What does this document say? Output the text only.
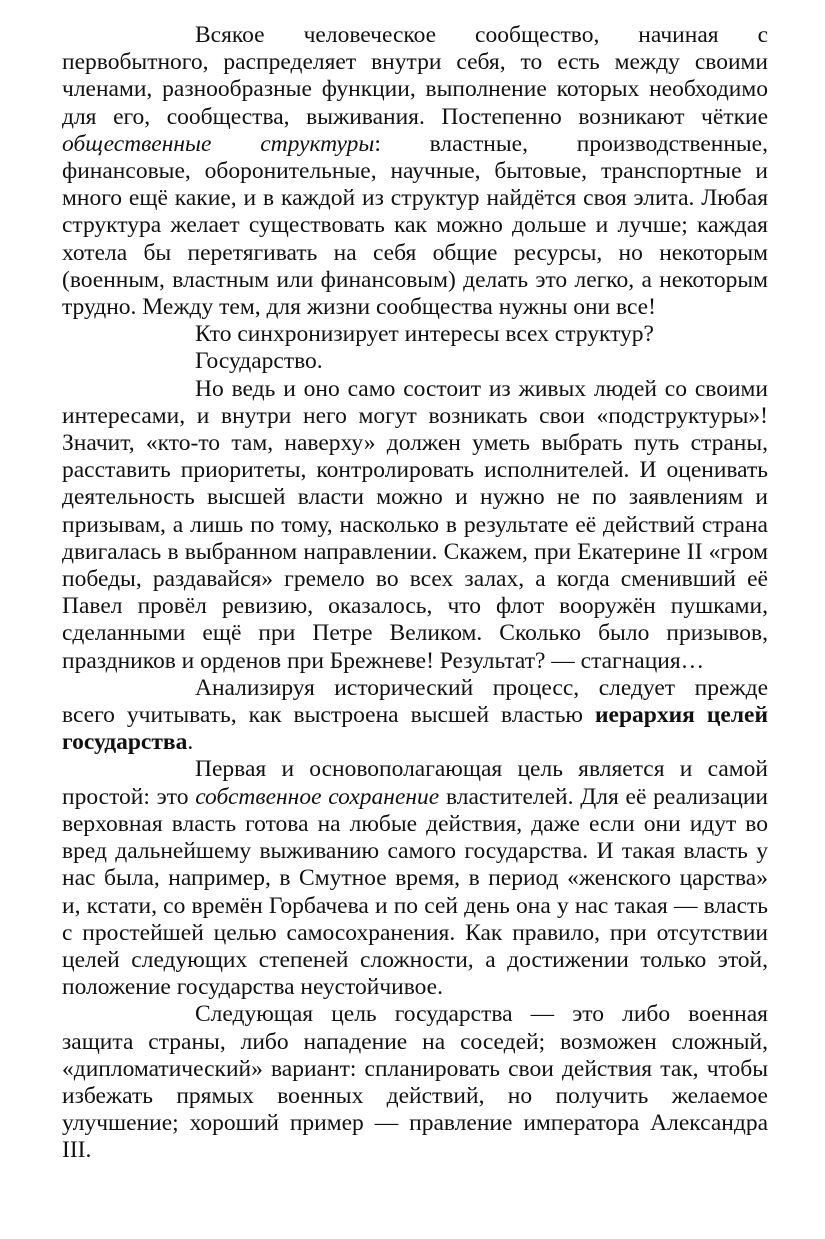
Всякое человеческое сообщество, начиная с первобытного, распределяет внутри себя, то есть между своими членами, разнообразные функции, выполнение которых необходимо для его, сообщества, выживания. Постепенно возникают чёткие общественные структуры: властные, производственные, финансовые, оборонительные, научные, бытовые, транспортные и много ещё какие, и в каждой из структур найдётся своя элита. Любая структура желает существовать как можно дольше и лучше; каждая хотела бы перетягивать на себя общие ресурсы, но некоторым (военным, властным или финансовым) делать это легко, а некоторым трудно. Между тем, для жизни сообщества нужны они все!

Кто синхронизирует интересы всех структур?

Государство.

Но ведь и оно само состоит из живых людей со своими интересами, и внутри него могут возникать свои «подструктуры»! Значит, «кто-то там, наверху» должен уметь выбрать путь страны, расставить приоритеты, контролировать исполнителей. И оценивать деятельность высшей власти можно и нужно не по заявлениям и призывам, а лишь по тому, насколько в результате её действий страна двигалась в выбранном направлении. Скажем, при Екатерине II «гром победы, раздавайся» гремело во всех залах, а когда сменивший её Павел провёл ревизию, оказалось, что флот вооружён пушками, сделанными ещё при Петре Великом. Сколько было призывов, праздников и орденов при Брежневе! Результат? — стагнация…

Анализируя исторический процесс, следует прежде всего учитывать, как выстроена высшей властью иерархия целей государства.

Первая и основополагающая цель является и самой простой: это собственное сохранение властителей. Для её реализации верховная власть готова на любые действия, даже если они идут во вред дальнейшему выживанию самого государства. И такая власть у нас была, например, в Смутное время, в период «женского царства» и, кстати, со времён Горбачева и по сей день она у нас такая — власть с простейшей целью самосохранения. Как правило, при отсутствии целей следующих степеней сложности, а достижении только этой, положение государства неустойчивое.

Следующая цель государства — это либо военная защита страны, либо нападение на соседей; возможен сложный, «дипломатический» вариант: спланировать свои действия так, чтобы избежать прямых военных действий, но получить желаемое улучшение; хороший пример — правление императора Александра III.
